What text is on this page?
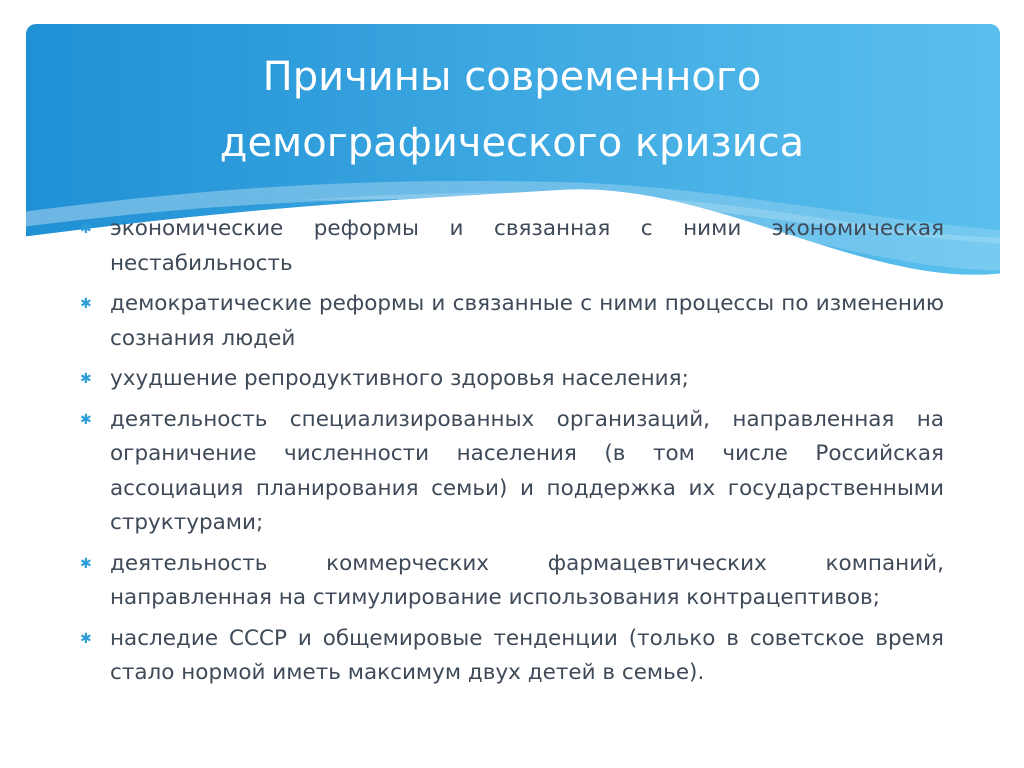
Причины современного
демографического кризиса
✱ экономические реформы и связанная с ними экономическая нестабильность
✱ демократические реформы и связанные с ними процессы по изменению сознания людей
✱ ухудшение репродуктивного здоровья населения;
✱ деятельность специализированных организаций, направленная на ограничение численности населения (в том числе Российская ассоциация планирования семьи) и поддержка их государственными структурами;
✱ деятельность коммерческих фармацевтических компаний, направленная на стимулирование использования контрацептивов;
✱ наследие СССР и общемировые тенденции (только в советское время стало нормой иметь максимум двух детей в семье).
